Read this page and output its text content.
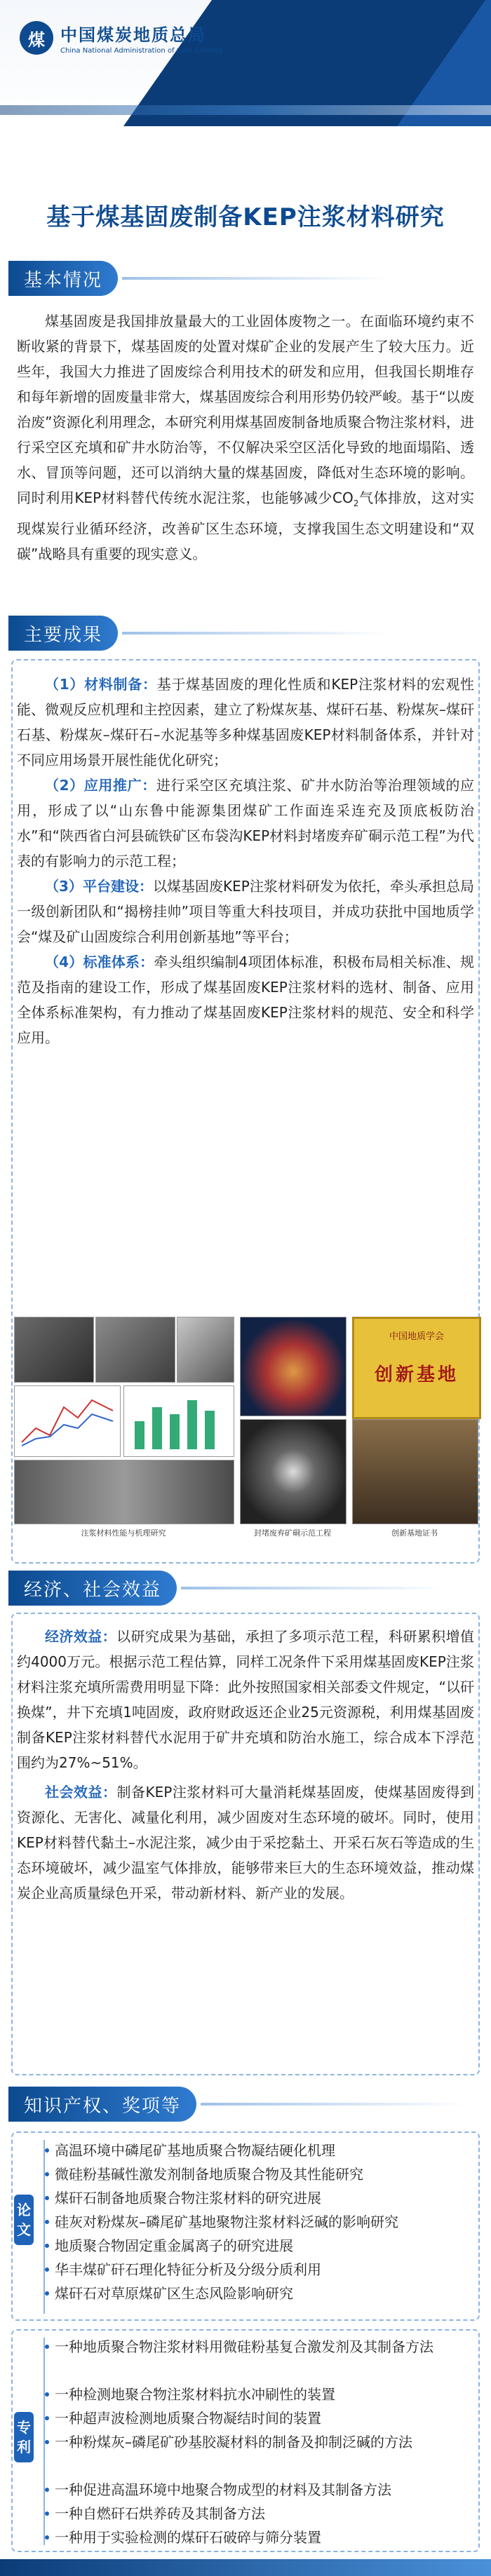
煤 中国煤炭地质总局
China National Administration of Coal Geology
基于煤基固废制备KEP注浆材料研究
基本情况

煤基固废是我国排放量最大的工业固体废物之一。在面临环境约束不断收紧的背景下，煤基固废的处置对煤矿企业的发展产生了较大压力。近些年，我国大力推进了固废综合利用技术的研发和应用，但我国长期堆存和每年新增的固废量非常大，煤基固废综合利用形势仍较严峻。基于“以废治废”资源化利用理念，本研究利用煤基固废制备地质聚合物注浆材料，进行采空区充填和矿井水防治等，不仅解决采空区活化导致的地面塌陷、透水、冒顶等问题，还可以消纳大量的煤基固废，降低对生态环境的影响。同时利用KEP材料替代传统水泥注浆，也能够减少$CO_2$气体排放，这对实现煤炭行业循环经济，改善矿区生态环境，支撑我国生态文明建设和“双碳”战略具有重要的现实意义。

主要成果

（1）材料制备：基于煤基固废的理化性质和KEP注浆材料的宏观性能、微观反应机理和主控因素，建立了粉煤灰基、煤矸石基、粉煤灰–煤矸石基、粉煤灰–煤矸石–水泥基等多种煤基固废KEP材料制备体系，并针对不同应用场景开展性能优化研究；

（2）应用推广：进行采空区充填注浆、矿井水防治等治理领域的应用，形成了以“山东鲁中能源集团煤矿工作面连采连充及顶底板防治水”和“陕西省白河县硫铁矿区布袋沟KEP材料封堵废弃矿硐示范工程”为代表的有影响力的示范工程；

（3）平台建设：以煤基固废KEP注浆材料研发为依托，牵头承担总局一级创新团队和“揭榜挂帅”项目等重大科技项目，并成功获批中国地质学会“煤及矿山固废综合利用创新基地”等平台；

（4）标准体系：牵头组织编制4项团体标准，积极布局相关标准、规范及指南的建设工作，形成了煤基固废KEP注浆材料的选材、制备、应用全体系标准架构，有力推动了煤基固废KEP注浆材料的规范、安全和科学应用。

注浆材料性能与机理研究	封堵废弃矿硐示范工程
中国地质学会
创新基地
创新基地证书
经济、社会效益

经济效益：以研究成果为基础，承担了多项示范工程，科研累积增值约4000万元。根据示范工程估算，同样工况条件下采用煤基固废KEP注浆材料注浆充填所需费用明显下降：此外按照国家相关部委文件规定，“以矸换煤”，井下充填1吨固废，政府财政返还企业25元资源税，利用煤基固废制备KEP注浆材料替代水泥用于矿井充填和防治水施工，综合成本下浮范围约为27%~51%。

社会效益：制备KEP注浆材料可大量消耗煤基固废，使煤基固废得到资源化、无害化、减量化利用，减少固废对生态环境的破坏。同时，使用KEP材料替代黏土–水泥注浆，减少由于采挖黏土、开采石灰石等造成的生态环境破坏，减少温室气体排放，能够带来巨大的生态环境效益，推动煤炭企业高质量绿色开采，带动新材料、新产业的发展。

知识产权、奖项等
论文
高温环境中磷尾矿基地质聚合物凝结硬化机理
微硅粉基碱性激发剂制备地质聚合物及其性能研究
煤矸石制备地质聚合物注浆材料的研究进展
硅灰对粉煤灰–磷尾矿基地聚物注浆材料泛碱的影响研究
地质聚合物固定重金属离子的研究进展
华丰煤矿矸石理化特征分析及分级分质利用
煤矸石对草原煤矿区生态风险影响研究
专利
一种地质聚合物注浆材料用微硅粉基复合激发剂及其制备方法
一种检测地聚合物注浆材料抗水冲刷性的装置
一种超声波检测地质聚合物凝结时间的装置
一种粉煤灰–磷尾矿砂基胶凝材料的制备及抑制泛碱的方法
一种促进高温环境中地聚合物成型的材料及其制备方法
一种自燃矸石烘养砖及其制备方法
一种用于实验检测的煤矸石破碎与筛分装置
